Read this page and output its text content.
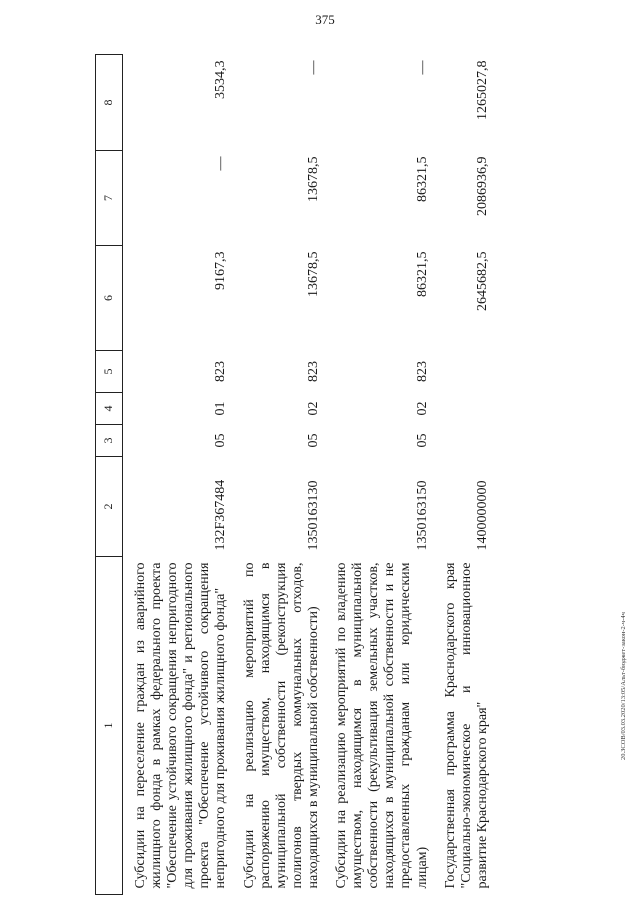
375
20.ЗСОВ/03.03.2020/13:05/Альт-бюджет-закон-2-ч-4ч
1	2	3	4	5	6	7	8
Субсидии на переселение граждан из аварийного жилищного фонда в рамках федерального проекта "Обеспечение устойчивого сокращения непригодного для проживания жилищного фонда" и регионального проекта "Обеспечение устойчивого сокращения непригодного для проживания жилищного фонда"	132F367484	05	01	823	9167,3	—	3534,3
Субсидии на реализацию мероприятий по распоряжению имуществом, находящимся в муниципальной собственности (реконструкция полигонов твердых коммунальных отходов, находящихся в муниципальной собственности)	1350163130	05	02	823	13678,5	13678,5	—
Субсидии на реализацию мероприятий по владению имуществом, находящимся в муниципальной собственности (рекультивация земельных участков, находящихся в муниципальной собственности и не предоставленных гражданам или юридическим лицам)	1350163150	05	02	823	86321,5	86321,5	—
Государственная программа Краснодарского края "Социально-экономическое и инновационное развитие Краснодарского края"	1400000000				2645682,5	2086936,9	1265027,8
